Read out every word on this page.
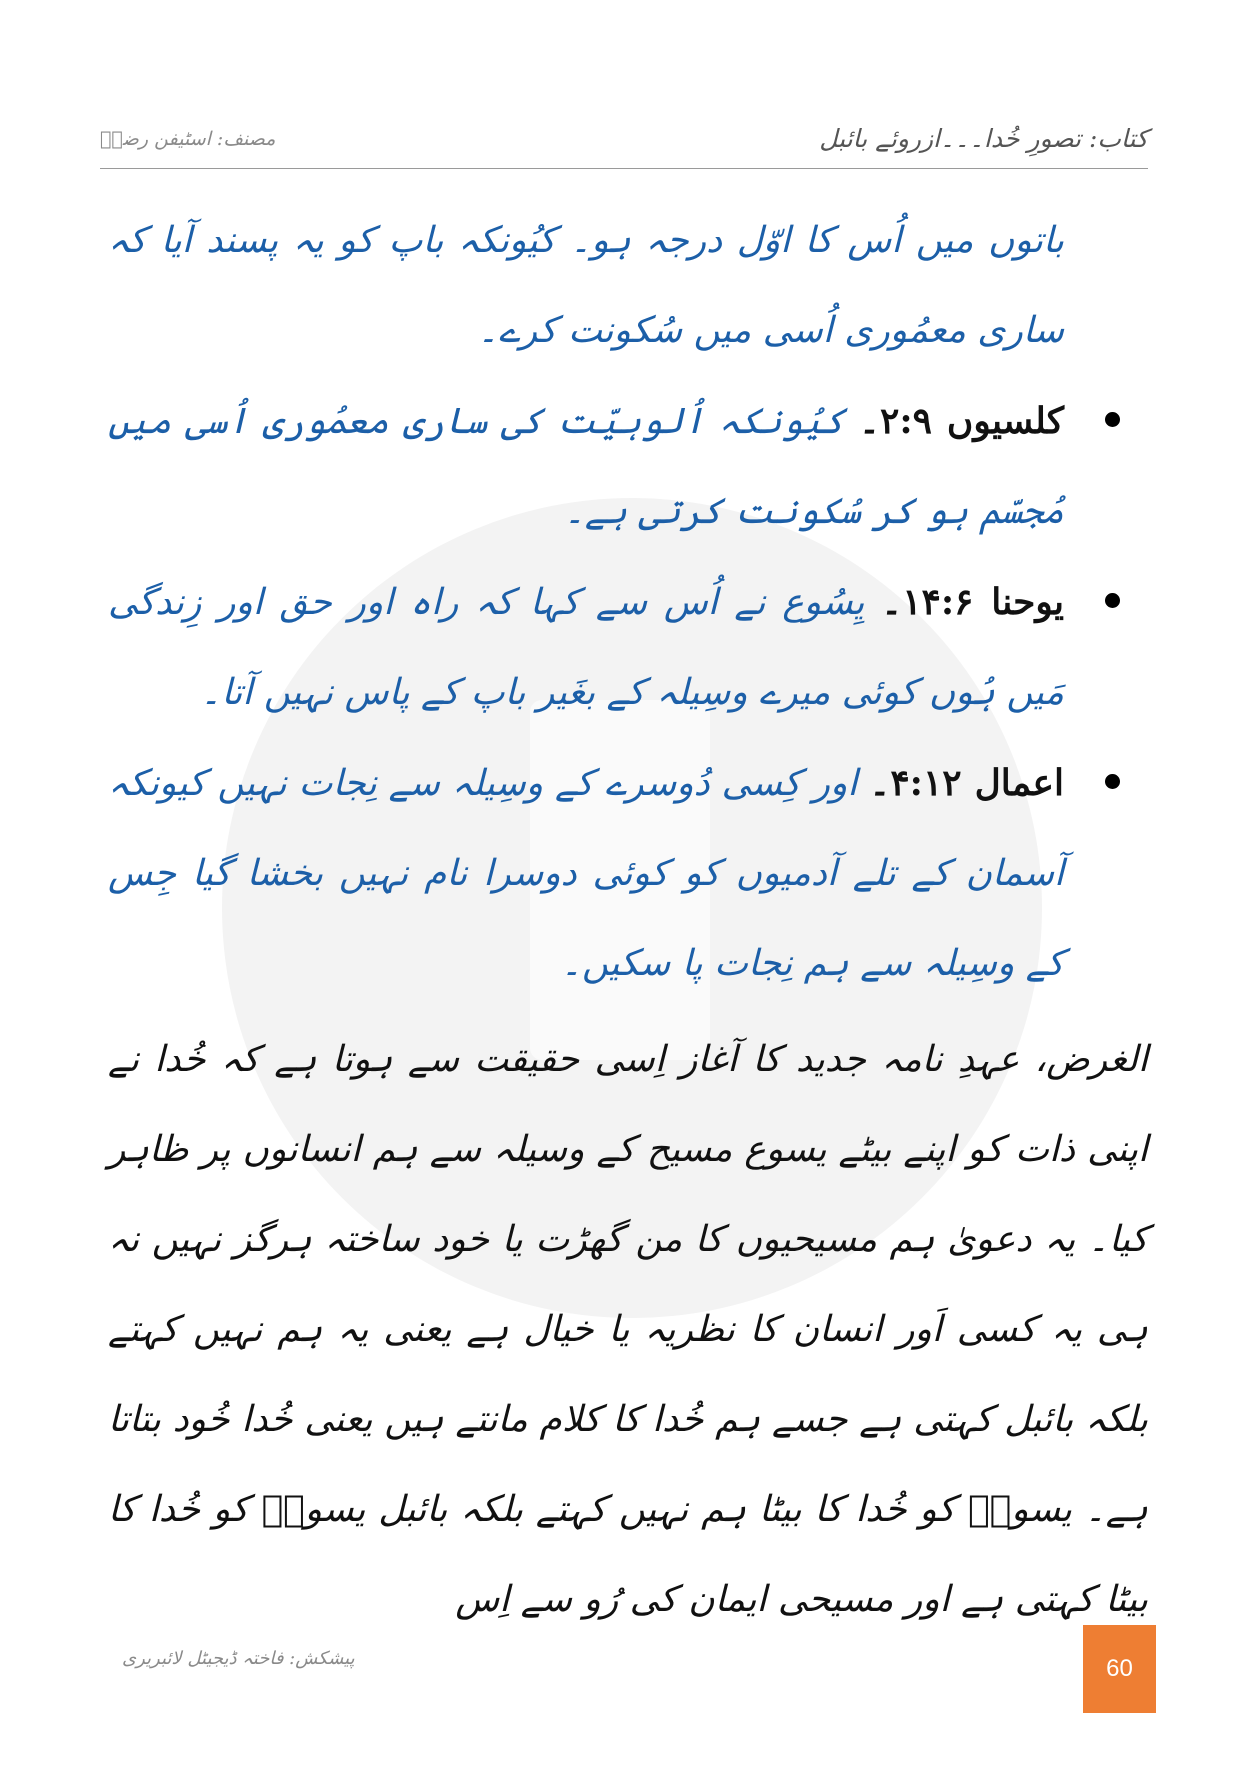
کتاب: تصورِ خُدا۔۔۔ازروئے بائبل
مصنف: اسٹیفن رضاؔ

باتوں میں اُس کا اوّل درجہ ہو۔ کیُونکہ باپ کو یہ پسند آیا کہ ساری معمُوری اُسی میں سُکونت کرے۔

کلسیوں ۲:۹۔ کیُونکہ اُلوہیّت کی ساری معمُوری اُسی میں مُجسّم ہو کر سُکونت کرتی ہے۔
یوحنا ۱۴:۶۔ یِسُوع نے اُس سے کہا کہ راہ اور حق اور زِندگی مَیں ہُوں کوئی میرے وسِیلہ کے بغَیر باپ کے پاس نہیں آتا۔
اعمال ۴:۱۲۔ اور کِسی دُوسرے کے وسِیلہ سے نِجات نہیں کیونکہ آسمان کے تلے آدمیوں کو کوئی دوسرا نام نہیں بخشا گیا جِس کے وسِیلہ سے ہم نِجات پا سکیں۔

الغرض، عہدِ نامہ جدید کا آغاز اِسی حقیقت سے ہوتا ہے کہ خُدا نے اپنی ذات کو اپنے بیٹے یسوع مسیح کے وسیلہ سے ہم انسانوں پر ظاہر کیا۔ یہ دعویٰ ہم مسیحیوں کا من گھڑت یا خود ساختہ ہرگز نہیں نہ ہی یہ کسی اَور انسان کا نظریہ یا خیال ہے یعنی یہ ہم نہیں کہتے بلکہ بائبل کہتی ہے جسے ہم خُدا کا کلام مانتے ہیں یعنی خُدا خُود بتاتا ہے۔ یسوعؔ کو خُدا کا بیٹا ہم نہیں کہتے بلکہ بائبل یسوعؔ کو خُدا کا بیٹا کہتی ہے اور مسیحی ایمان کی رُو سے اِس

پیشکش: فاختہ ڈیجیٹل لائبریری	60
